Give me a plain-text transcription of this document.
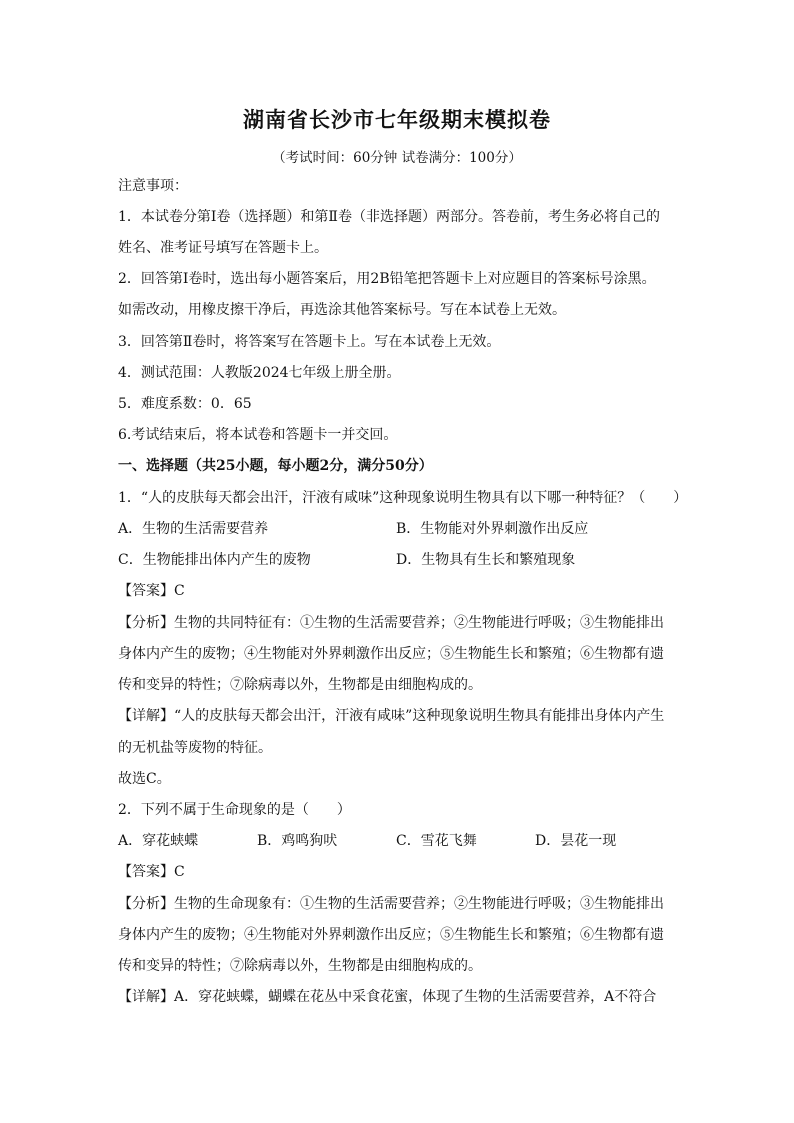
湖南省长沙市七年级期末模拟卷
（考试时间：60分钟 试卷满分：100分）
注意事项：
1．本试卷分第Ⅰ卷（选择题）和第Ⅱ卷（非选择题）两部分。答卷前，考生务必将自己的
姓名、准考证号填写在答题卡上。
2．回答第Ⅰ卷时，选出每小题答案后，用2B铅笔把答题卡上对应题目的答案标号涂黑。
如需改动，用橡皮擦干净后，再选涂其他答案标号。写在本试卷上无效。
3．回答第Ⅱ卷时，将答案写在答题卡上。写在本试卷上无效。
4．测试范围：人教版2024七年级上册全册。
5．难度系数：0．65
6.考试结束后，将本试卷和答题卡一并交回。
一、选择题（共25小题，每小题2分，满分50分）
1．“人的皮肤每天都会出汗，汗液有咸味”这种现象说明生物具有以下哪一种特征？（　　）
A．生物的生活需要营养	B．生物能对外界刺激作出反应
C．生物能排出体内产生的废物	D．生物具有生长和繁殖现象
【答案】C
【分析】生物的共同特征有：①生物的生活需要营养；②生物能进行呼吸；③生物能排出
身体内产生的废物；④生物能对外界刺激作出反应；⑤生物能生长和繁殖；⑥生物都有遗
传和变异的特性；⑦除病毒以外，生物都是由细胞构成的。
【详解】“人的皮肤每天都会出汗，汗液有咸味”这种现象说明生物具有能排出身体内产生
的无机盐等废物的特征。
故选C。
2．下列不属于生命现象的是（　　）
A．穿花蛱蝶	B．鸡鸣狗吠	C．雪花飞舞	D．昙花一现
【答案】C
【分析】生物的生命现象有：①生物的生活需要营养；②生物能进行呼吸；③生物能排出
身体内产生的废物；④生物能对外界刺激作出反应；⑤生物能生长和繁殖；⑥生物都有遗
传和变异的特性；⑦除病毒以外，生物都是由细胞构成的。
【详解】A．穿花蛱蝶，蝴蝶在花丛中采食花蜜，体现了生物的生活需要营养，A不符合
